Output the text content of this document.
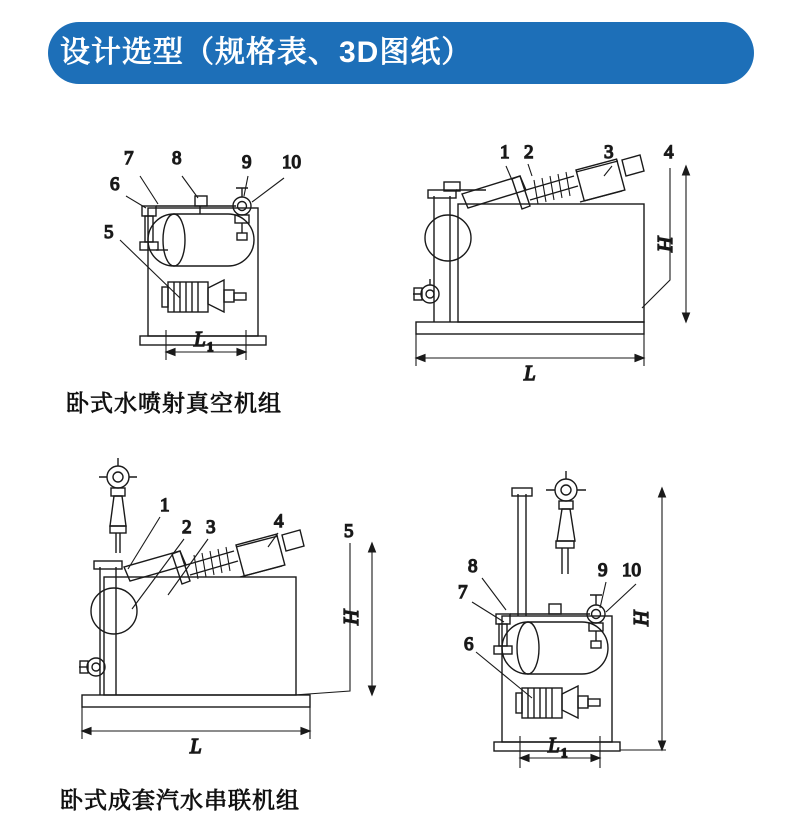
设计选型（规格表、3D图纸）
7 8	9 10
6
5
L 1
卧式水喷射真空机组
1 2	3	4
H
L
1
2 3	4	5
H
L
卧式成套汽水串联机组
8
7
6
9 10
H
L 1
